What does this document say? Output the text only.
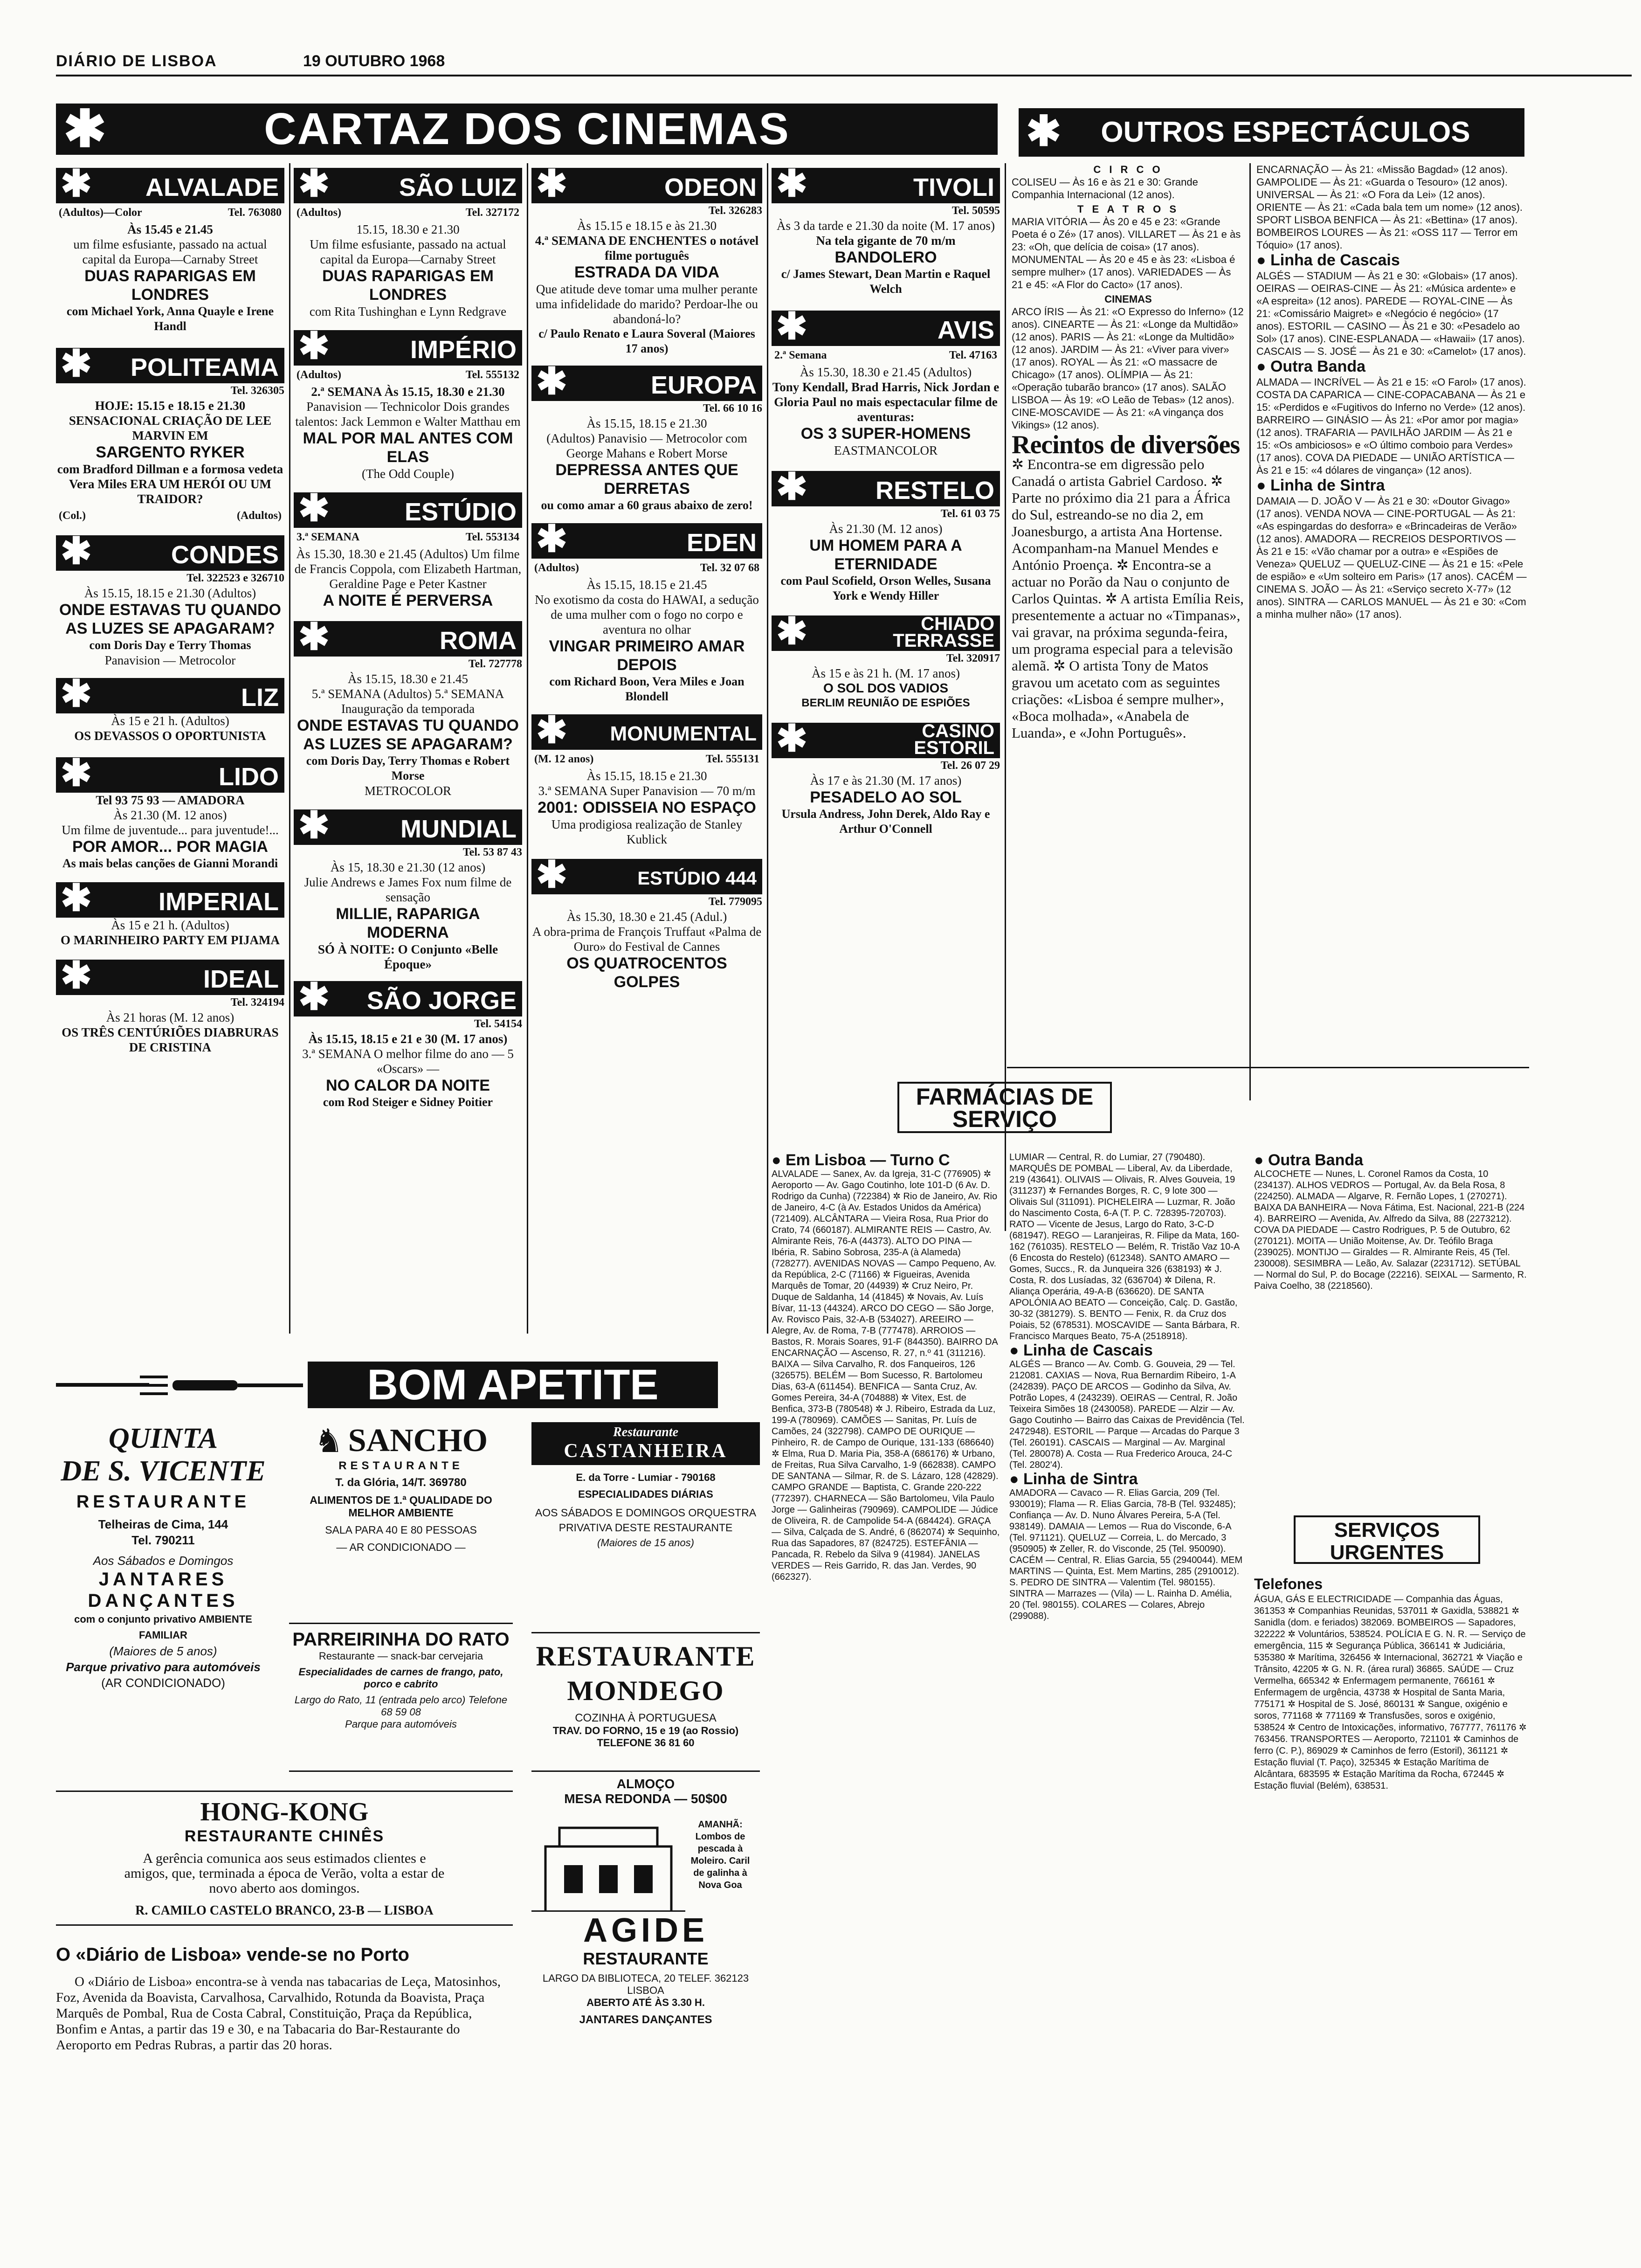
DIÁRIO DE LISBOA	19 OUTUBRO 1968
✱	CARTAZ DOS CINEMAS	✱ OUTROS ESPECTÁCULOS
✱ ALVALADE
(Adultos)—Color	Tel. 763080

Às 15.45 e 21.45

um filme esfusiante, passado na actual capital da Europa—Carnaby Street

DUAS RAPARIGAS EM LONDRES

com Michael York, Anna Quayle e Irene Handl

✱ POLITEAMA

Tel. 326305

HOJE: 15.15 e 18.15 e 21.30 SENSACIONAL CRIAÇÃO DE LEE MARVIN EM

SARGENTO RYKER

com Bradford Dillman e a formosa vedeta Vera Miles ERA UM HERÓI OU UM TRAIDOR?

(Col.)	(Adultos)
✱	CONDES

Tel. 322523 e 326710

Às 15.15, 18.15 e 21.30 (Adultos)

ONDE ESTAVAS TU QUANDO AS LUZES SE APAGARAM?

com Doris Day e Terry Thomas

Panavision — Metrocolor

✱	LIZ

Às 15 e 21 h. (Adultos)

OS DEVASSOS O OPORTUNISTA

✱	LIDO

Tel 93 75 93 — AMADORA

Às 21.30 (M. 12 anos)

Um filme de juventude... para juventude!...

POR AMOR... POR MAGIA

As mais belas canções de Gianni Morandi

✱	IMPERIAL

Às 15 e 21 h. (Adultos)

O MARINHEIRO PARTY EM PIJAMA

✱	IDEAL

Tel. 324194

Às 21 horas (M. 12 anos)

OS TRÊS CENTÚRIÕES DIABRURAS DE CRISTINA

✱	SÃO LUIZ
(Adultos)	Tel. 327172

15.15, 18.30 e 21.30

Um filme esfusiante, passado na actual capital da Europa—Carnaby Street

DUAS RAPARIGAS EM LONDRES

com Rita Tushinghan e Lynn Redgrave

✱	IMPÉRIO
(Adultos)	Tel. 555132

2.ª SEMANA Às 15.15, 18.30 e 21.30

Panavision — Technicolor Dois grandes talentos: Jack Lemmon e Walter Matthau em

MAL POR MAL ANTES COM ELAS

(The Odd Couple)

✱	ESTÚDIO
3.ª SEMANA	Tel. 553134

Às 15.30, 18.30 e 21.45 (Adultos) Um filme de Francis Coppola, com Elizabeth Hartman, Geraldine Page e Peter Kastner

A NOITE É PERVERSA

✱	ROMA

Tel. 727778

Às 15.15, 18.30 e 21.45

5.ª SEMANA (Adultos) 5.ª SEMANA Inauguração da temporada

ONDE ESTAVAS TU QUANDO AS LUZES SE APAGARAM?

com Doris Day, Terry Thomas e Robert Morse

METROCOLOR

✱	MUNDIAL

Tel. 53 87 43

Às 15, 18.30 e 21.30 (12 anos)

Julie Andrews e James Fox num filme de sensação

MILLIE, RAPARIGA MODERNA

SÓ À NOITE: O Conjunto «Belle Époque»

✱ SÃO JORGE

Tel. 54154

Às 15.15, 18.15 e 21 e 30 (M. 17 anos)

3.ª SEMANA O melhor filme do ano — 5 «Oscars» —

NO CALOR DA NOITE

com Rod Steiger e Sidney Poitier

✱	ODEON

Tel. 326283

Às 15.15 e 18.15 e às 21.30

4.ª SEMANA DE ENCHENTES o notável filme português

ESTRADA DA VIDA

Que atitude deve tomar uma mulher perante uma infidelidade do marido? Perdoar-lhe ou abandoná-lo?

c/ Paulo Renato e Laura Soveral (Maiores 17 anos)

✱	EUROPA

Tel. 66 10 16

Às 15.15, 18.15 e 21.30

(Adultos) Panavisio — Metrocolor com George Mahans e Robert Morse

DEPRESSA ANTES QUE DERRETAS

ou como amar a 60 graus abaixo de zero!

✱	EDEN
(Adultos)	Tel. 32 07 68

Às 15.15, 18.15 e 21.45

No exotismo da costa do HAWAI, a sedução de uma mulher com o fogo no corpo e aventura no olhar

VINGAR PRIMEIRO AMAR DEPOIS

com Richard Boon, Vera Miles e Joan Blondell

✱ MONUMENTAL
(M. 12 anos)	Tel. 555131

Às 15.15, 18.15 e 21.30

3.ª SEMANA Super Panavision — 70 m/m

2001: ODISSEIA NO ESPAÇO

Uma prodigiosa realização de Stanley Kublick

✱	ESTÚDIO 444

Tel. 779095

Às 15.30, 18.30 e 21.45 (Adul.)

A obra-prima de François Truffaut «Palma de Ouro» do Festival de Cannes

OS QUATROCENTOS GOLPES

✱	TIVOLI

Tel. 50595

Às 3 da tarde e 21.30 da noite (M. 17 anos)

Na tela gigante de 70 m/m

BANDOLERO

c/ James Stewart, Dean Martin e Raquel Welch

✱	AVIS
2.ª Semana	Tel. 47163

Às 15.30, 18.30 e 21.45 (Adultos)

Tony Kendall, Brad Harris, Nick Jordan e Gloria Paul no mais espectacular filme de aventuras:

OS 3 SUPER-HOMENS

EASTMANCOLOR

✱	RESTELO

Tel. 61 03 75

Às 21.30 (M. 12 anos)

UM HOMEM PARA A ETERNIDADE

com Paul Scofield, Orson Welles, Susana York e Wendy Hiller

✱	CHIADO TERRASSE

Tel. 320917

Às 15 e às 21 h. (M. 17 anos)

O SOL DOS VADIOS

BERLIM REUNIÃO DE ESPIÕES

✱	CASINO ESTORIL

Tel. 26 07 29

Às 17 e às 21.30 (M. 17 anos)

PESADELO AO SOL

Ursula Andress, John Derek, Aldo Ray e Arthur O'Connell

C I R C O

COLISEU — Às 16 e às 21 e 30: Grande Companhia Internacional (12 anos).

T E A T R O S

MARIA VITÓRIA — Às 20 e 45 e 23: «Grande Poeta é o Zé» (17 anos). VILLARET — Às 21 e às 23: «Oh, que delícia de coisa» (17 anos). MONUMENTAL — Às 20 e 45 e às 23: «Lisboa é sempre mulher» (17 anos). VARIEDADES — Às 21 e 45: «A Flor do Cacto» (17 anos).

CINEMAS

ARCO ÍRIS — Às 21: «O Expresso do Inferno» (12 anos). CINEARTE — Às 21: «Longe da Multidão» (12 anos). PARIS — Às 21: «Longe da Multidão» (12 anos). JARDIM — Às 21: «Viver para viver» (17 anos). ROYAL — Às 21: «O massacre de Chicago» (17 anos). OLÍMPIA — Às 21: «Operação tubarão branco» (17 anos). SALÃO LISBOA — Às 19: «O Leão de Tebas» (12 anos). CINE-MOSCAVIDE — Às 21: «A vingança dos Vikings» (12 anos).

Recintos de diversões

✲ Encontra-se em digressão pelo Canadá o artista Gabriel Cardoso. ✲ Parte no próximo dia 21 para a África do Sul, estreando-se no dia 2, em Joanesburgo, a artista Ana Hortense. Acompanham-na Manuel Mendes e António Proença. ✲ Encontra-se a actuar no Porão da Nau o conjunto de Carlos Quintas. ✲ A artista Emília Reis, presentemente a actuar no «Timpanas», vai gravar, na próxima segunda-feira, um programa especial para a televisão alemã. ✲ O artista Tony de Matos gravou um acetato com as seguintes criações: «Lisboa é sempre mulher», «Boca molhada», «Anabela de Luanda», e «John Português».

ENCARNAÇÃO — Às 21: «Missão Bagdad» (12 anos). GAMPOLIDE — Às 21: «Guarda o Tesouro» (12 anos). UNIVERSAL — Às 21: «O Fora da Lei» (12 anos). ORIENTE — Às 21: «Cada bala tem um nome» (12 anos). SPORT LISBOA BENFICA — Às 21: «Bettina» (17 anos). BOMBEIROS LOURES — Às 21: «OSS 117 — Terror em Tóquio» (17 anos).

● Linha de Cascais

ALGÉS — STADIUM — Às 21 e 30: «Globais» (17 anos). OEIRAS — OEIRAS-CINE — Às 21: «Música ardente» e «A espreita» (12 anos). PAREDE — ROYAL-CINE — Às 21: «Comissário Maigret» e «Negócio é negócio» (17 anos). ESTORIL — CASINO — Às 21 e 30: «Pesadelo ao Sol» (17 anos). CINE-ESPLANADA — «Hawaii» (17 anos). CASCAIS — S. JOSÉ — Às 21 e 30: «Camelot» (17 anos).

● Outra Banda

ALMADA — INCRÍVEL — Às 21 e 15: «O Farol» (17 anos). COSTA DA CAPARICA — CINE-COPACABANA — Às 21 e 15: «Perdidos e «Fugitivos do Inferno no Verde» (12 anos). BARREIRO — GINÁSIO — Às 21: «Por amor por magia» (12 anos). TRAFARIA — PAVILHÃO JARDIM — Às 21 e 15: «Os ambiciosos» e «O último comboio para Verdes» (17 anos). COVA DA PIEDADE — UNIÃO ARTÍSTICA — Às 21 e 15: «4 dólares de vingança» (12 anos).

● Linha de Sintra

DAMAIA — D. JOÃO V — Às 21 e 30: «Doutor Givago» (17 anos). VENDA NOVA — CINE-PORTUGAL — Às 21: «As espingardas do desforra» e «Brincadeiras de Verão» (12 anos). AMADORA — RECREIOS DESPORTIVOS — Às 21 e 15: «Vão chamar por a outra» e «Espiões de Veneza» QUELUZ — QUELUZ-CINE — Às 21 e 15: «Pele de espião» e «Um solteiro em Paris» (17 anos). CACÉM — CINEMA S. JOÃO — Às 21: «Serviço secreto X-77» (12 anos). SINTRA — CARLOS MANUEL — Às 21 e 30: «Com a minha mulher não» (17 anos).

FARMÁCIAS DE SERVIÇO
● Em Lisboa — Turno C

ALVALADE — Sanex, Av. da Igreja, 31-C (776905) ✲ Aeroporto — Av. Gago Coutinho, lote 101-D (6 Av. D. Rodrigo da Cunha) (722384) ✲ Rio de Janeiro, Av. Rio de Janeiro, 4-C (à Av. Estados Unidos da América) (721409). ALCÂNTARA — Vieira Rosa, Rua Prior do Crato, 74 (660187). ALMIRANTE REIS — Castro, Av. Almirante Reis, 76-A (44373). ALTO DO PINA — Ibéria, R. Sabino Sobrosa, 235-A (à Alameda) (728277). AVENIDAS NOVAS — Campo Pequeno, Av. da República, 2-C (71166) ✲ Figueiras, Avenida Marquês de Tomar, 20 (44939) ✲ Cruz Neiro, Pr. Duque de Saldanha, 14 (41845) ✲ Novais, Av. Luís Bívar, 11-13 (44324). ARCO DO CEGO — São Jorge, Av. Rovisco Pais, 32-A-B (534027). AREEIRO — Alegre, Av. de Roma, 7-B (777478). ARROIOS — Bastos, R. Morais Soares, 91-F (844350). BAIRRO DA ENCARNAÇÃO — Ascenso, R. 27, n.º 41 (311216). BAIXA — Silva Carvalho, R. dos Fanqueiros, 126 (326575). BELÉM — Bom Sucesso, R. Bartolomeu Dias, 63-A (611454). BENFICA — Santa Cruz, Av. Gomes Pereira, 34-A (704888) ✲ Vitex, Est. de Benfica, 373-B (780548) ✲ J. Ribeiro, Estrada da Luz, 199-A (780969). CAMÕES — Sanitas, Pr. Luís de Camões, 24 (322798). CAMPO DE OURIQUE — Pinheiro, R. de Campo de Ourique, 131-133 (686640) ✲ Elma, Rua D. Maria Pia, 358-A (686176) ✲ Urbano, de Freitas, Rua Silva Carvalho, 1-9 (662838). CAMPO DE SANTANA — Silmar, R. de S. Lázaro, 128 (42829). CAMPO GRANDE — Baptista, C. Grande 220-222 (772397). CHARNECA — São Bartolomeu, Vila Paulo Jorge — Galinheiras (790969). CAMPOLIDE — Júdice de Oliveira, R. de Campolide 54-A (684424). GRAÇA — Silva, Calçada de S. André, 6 (862074) ✲ Sequinho, Rua das Sapadores, 87 (824725). ESTEFÂNIA — Pancada, R. Rebelo da Silva 9 (41984). JANELAS VERDES — Reis Garrido, R. das Jan. Verdes, 90 (662327).

LUMIAR — Central, R. do Lumiar, 27 (790480). MARQUÊS DE POMBAL — Liberal, Av. da Liberdade, 219 (43641). OLIVAIS — Olivais, R. Alves Gouveia, 19 (311237) ✲ Fernandes Borges, R. C, 9 lote 300 — Olivais Sul (311091). PICHELEIRA — Luzmar, R. João do Nascimento Costa, 6-A (T. P. C. 728395-720703). RATO — Vicente de Jesus, Largo do Rato, 3-C-D (681947). REGO — Laranjeiras, R. Filipe da Mata, 160-162 (761035). RESTELO — Belém, R. Tristão Vaz 10-A (6 Encosta do Restelo) (612348). SANTO AMARO — Gomes, Succs., R. da Junqueira 326 (638193) ✲ J. Costa, R. dos Lusíadas, 32 (636704) ✲ Dilena, R. Aliança Operária, 49-A-B (636620). DE SANTA APOLÓNIA AO BEATO — Conceição, Calç. D. Gastão, 30-32 (381279). S. BENTO — Fenix, R. da Cruz dos Poiais, 52 (678531). MOSCAVIDE — Santa Bárbara, R. Francisco Marques Beato, 75-A (2518918).

● Linha de Cascais

ALGÉS — Branco — Av. Comb. G. Gouveia, 29 — Tel. 212081. CAXIAS — Nova, Rua Bernardim Ribeiro, 1-A (242839). PAÇO DE ARCOS — Godinho da Silva, Av. Potrão Lopes, 4 (243239). OEIRAS — Central, R. João Teixeira Simões 18 (2430058). PAREDE — Alzir — Av. Gago Coutinho — Bairro das Caixas de Previdência (Tel. 2472948). ESTORIL — Parque — Arcadas do Parque 3 (Tel. 260191). CASCAIS — Marginal — Av. Marginal (Tel. 280078) A. Costa — Rua Frederico Arouca, 24-C (Tel. 2802'4).

● Linha de Sintra

AMADORA — Cavaco — R. Elias Garcia, 209 (Tel. 930019); Flama — R. Elias Garcia, 78-B (Tel. 932485); Confiança — Av. D. Nuno Álvares Pereira, 5-A (Tel. 938149). DAMAIA — Lemos — Rua do Visconde, 6-A (Tel. 971121). QUELUZ — Correia, L. do Mercado, 3 (950905) ✲ Zeller, R. do Visconde, 25 (Tel. 950090). CACÉM — Central, R. Elias Garcia, 55 (2940044). MEM MARTINS — Quinta, Est. Mem Martins, 285 (2910012). S. PEDRO DE SINTRA — Valentim (Tel. 980155). SINTRA — Marrazes — (Vila) — L. Rainha D. Amélia, 20 (Tel. 980155). COLARES — Colares, Abrejo (299088).

● Outra Banda

ALCOCHETE — Nunes, L. Coronel Ramos da Costa, 10 (234137). ALHOS VEDROS — Portugal, Av. da Bela Rosa, 8 (224250). ALMADA — Algarve, R. Fernão Lopes, 1 (270271). BAIXA DA BANHEIRA — Nova Fátima, Est. Nacional, 221-B (224 4). BARREIRO — Avenida, Av. Alfredo da Silva, 88 (2273212). COVA DA PIEDADE — Castro Rodrigues, P. 5 de Outubro, 62 (270121). MOITA — União Moitense, Av. Dr. Teófilo Braga (239025). MONTIJO — Giraldes — R. Almirante Reis, 45 (Tel. 230008). SESIMBRA — Leão, Av. Salazar (2231712). SETÚBAL — Normal do Sul, P. do Bocage (22216). SEIXAL — Sarmento, R. Paiva Coelho, 38 (2218560).

SERVIÇOS URGENTES
Telefones

ÁGUA, GÁS E ELECTRICIDADE — Companhia das Águas, 361353 ✲ Companhias Reunidas, 537011 ✲ Gaxidla, 538821 ✲ Sanidla (dom. e feriados) 382069. BOMBEIROS — Sapadores, 322222 ✲ Voluntários, 538524. POLÍCIA E G. N. R. — Serviço de emergência, 115 ✲ Segurança Pública, 366141 ✲ Judiciária, 535380 ✲ Marítima, 326456 ✲ Internacional, 362721 ✲ Viação e Trânsito, 42205 ✲ G. N. R. (área rural) 36865. SAÚDE — Cruz Vermelha, 665342 ✲ Enfermagem permanente, 766161 ✲ Enfermagem de urgência, 43738 ✲ Hospital de Santa Maria, 775171 ✲ Hospital de S. José, 860131 ✲ Sangue, oxigénio e soros, 771168 ✲ 771169 ✲ Transfusões, soros e oxigénio, 538524 ✲ Centro de Intoxicações, informativo, 767777, 761176 ✲ 763456. TRANSPORTES — Aeroporto, 721101 ✲ Caminhos de ferro (C. P.), 869029 ✲ Caminhos de ferro (Estoril), 361121 ✲ Estação fluvial (T. Paço), 325345 ✲ Estação Marítima de Alcântara, 683595 ✲ Estação Marítima da Rocha, 672445 ✲ Estação fluvial (Belém), 638531.

BOM APETITE
QUINTA
DE S. VICENTE
RESTAURANTE
Telheiras de Cima, 144
Tel. 790211
Aos Sábados e Domingos
JANTARES DANÇANTES
com o conjunto privativo AMBIENTE FAMILIAR
(Maiores de 5 anos)
Parque privativo para automóveis
(AR CONDICIONADO)
♞ SANCHO
RESTAURANTE
T. da Glória, 14/T. 369780
ALIMENTOS DE 1.ª QUALIDADE DO MELHOR AMBIENTE
SALA PARA 40 E 80 PESSOAS
— AR CONDICIONADO —
PARREIRINHA DO RATO
Restaurante — snack-bar cervejaria
Especialidades de carnes de frango, pato, porco e cabrito
Largo do Rato, 11 (entrada pelo arco) Telefone 68 59 08
Parque para automóveis
Restaurante
CASTANHEIRA
E. da Torre - Lumiar - 790168
ESPECIALIDADES DIÁRIAS
AOS SÁBADOS E DOMINGOS ORQUESTRA PRIVATIVA DESTE RESTAURANTE
(Maiores de 15 anos)
RESTAURANTE MONDEGO
COZINHA À PORTUGUESA
TRAV. DO FORNO, 15 e 19 (ao Rossio)
TELEFONE 36 81 60
ALMOÇO
MESA REDONDA — 50$00
AMANHÃ: Lombos de pescada à Moleiro. Caril de galinha à Nova Goa
AGIDE
RESTAURANTE
LARGO DA BIBLIOTECA, 20 TELEF. 362123 LISBOA
ABERTO ATÉ ÀS 3.30 H.
JANTARES DANÇANTES
HONG-KONG
RESTAURANTE CHINÊS
A gerência comunica aos seus estimados clientes e amigos, que, terminada a época de Verão, volta a estar de novo aberto aos domingos.
R. CAMILO CASTELO BRANCO, 23-B — LISBOA
O «Diário de Lisboa» vende-se no Porto

O «Diário de Lisboa» encontra-se à venda nas tabacarias de Leça, Matosinhos, Foz, Avenida da Boavista, Carvalhosa, Carvalhido, Rotunda da Boavista, Praça Marquês de Pombal, Rua de Costa Cabral, Constituição, Praça da República, Bonfim e Antas, a partir das 19 e 30, e na Tabacaria do Bar-Restaurante do Aeroporto em Pedras Rubras, a partir das 20 horas.
